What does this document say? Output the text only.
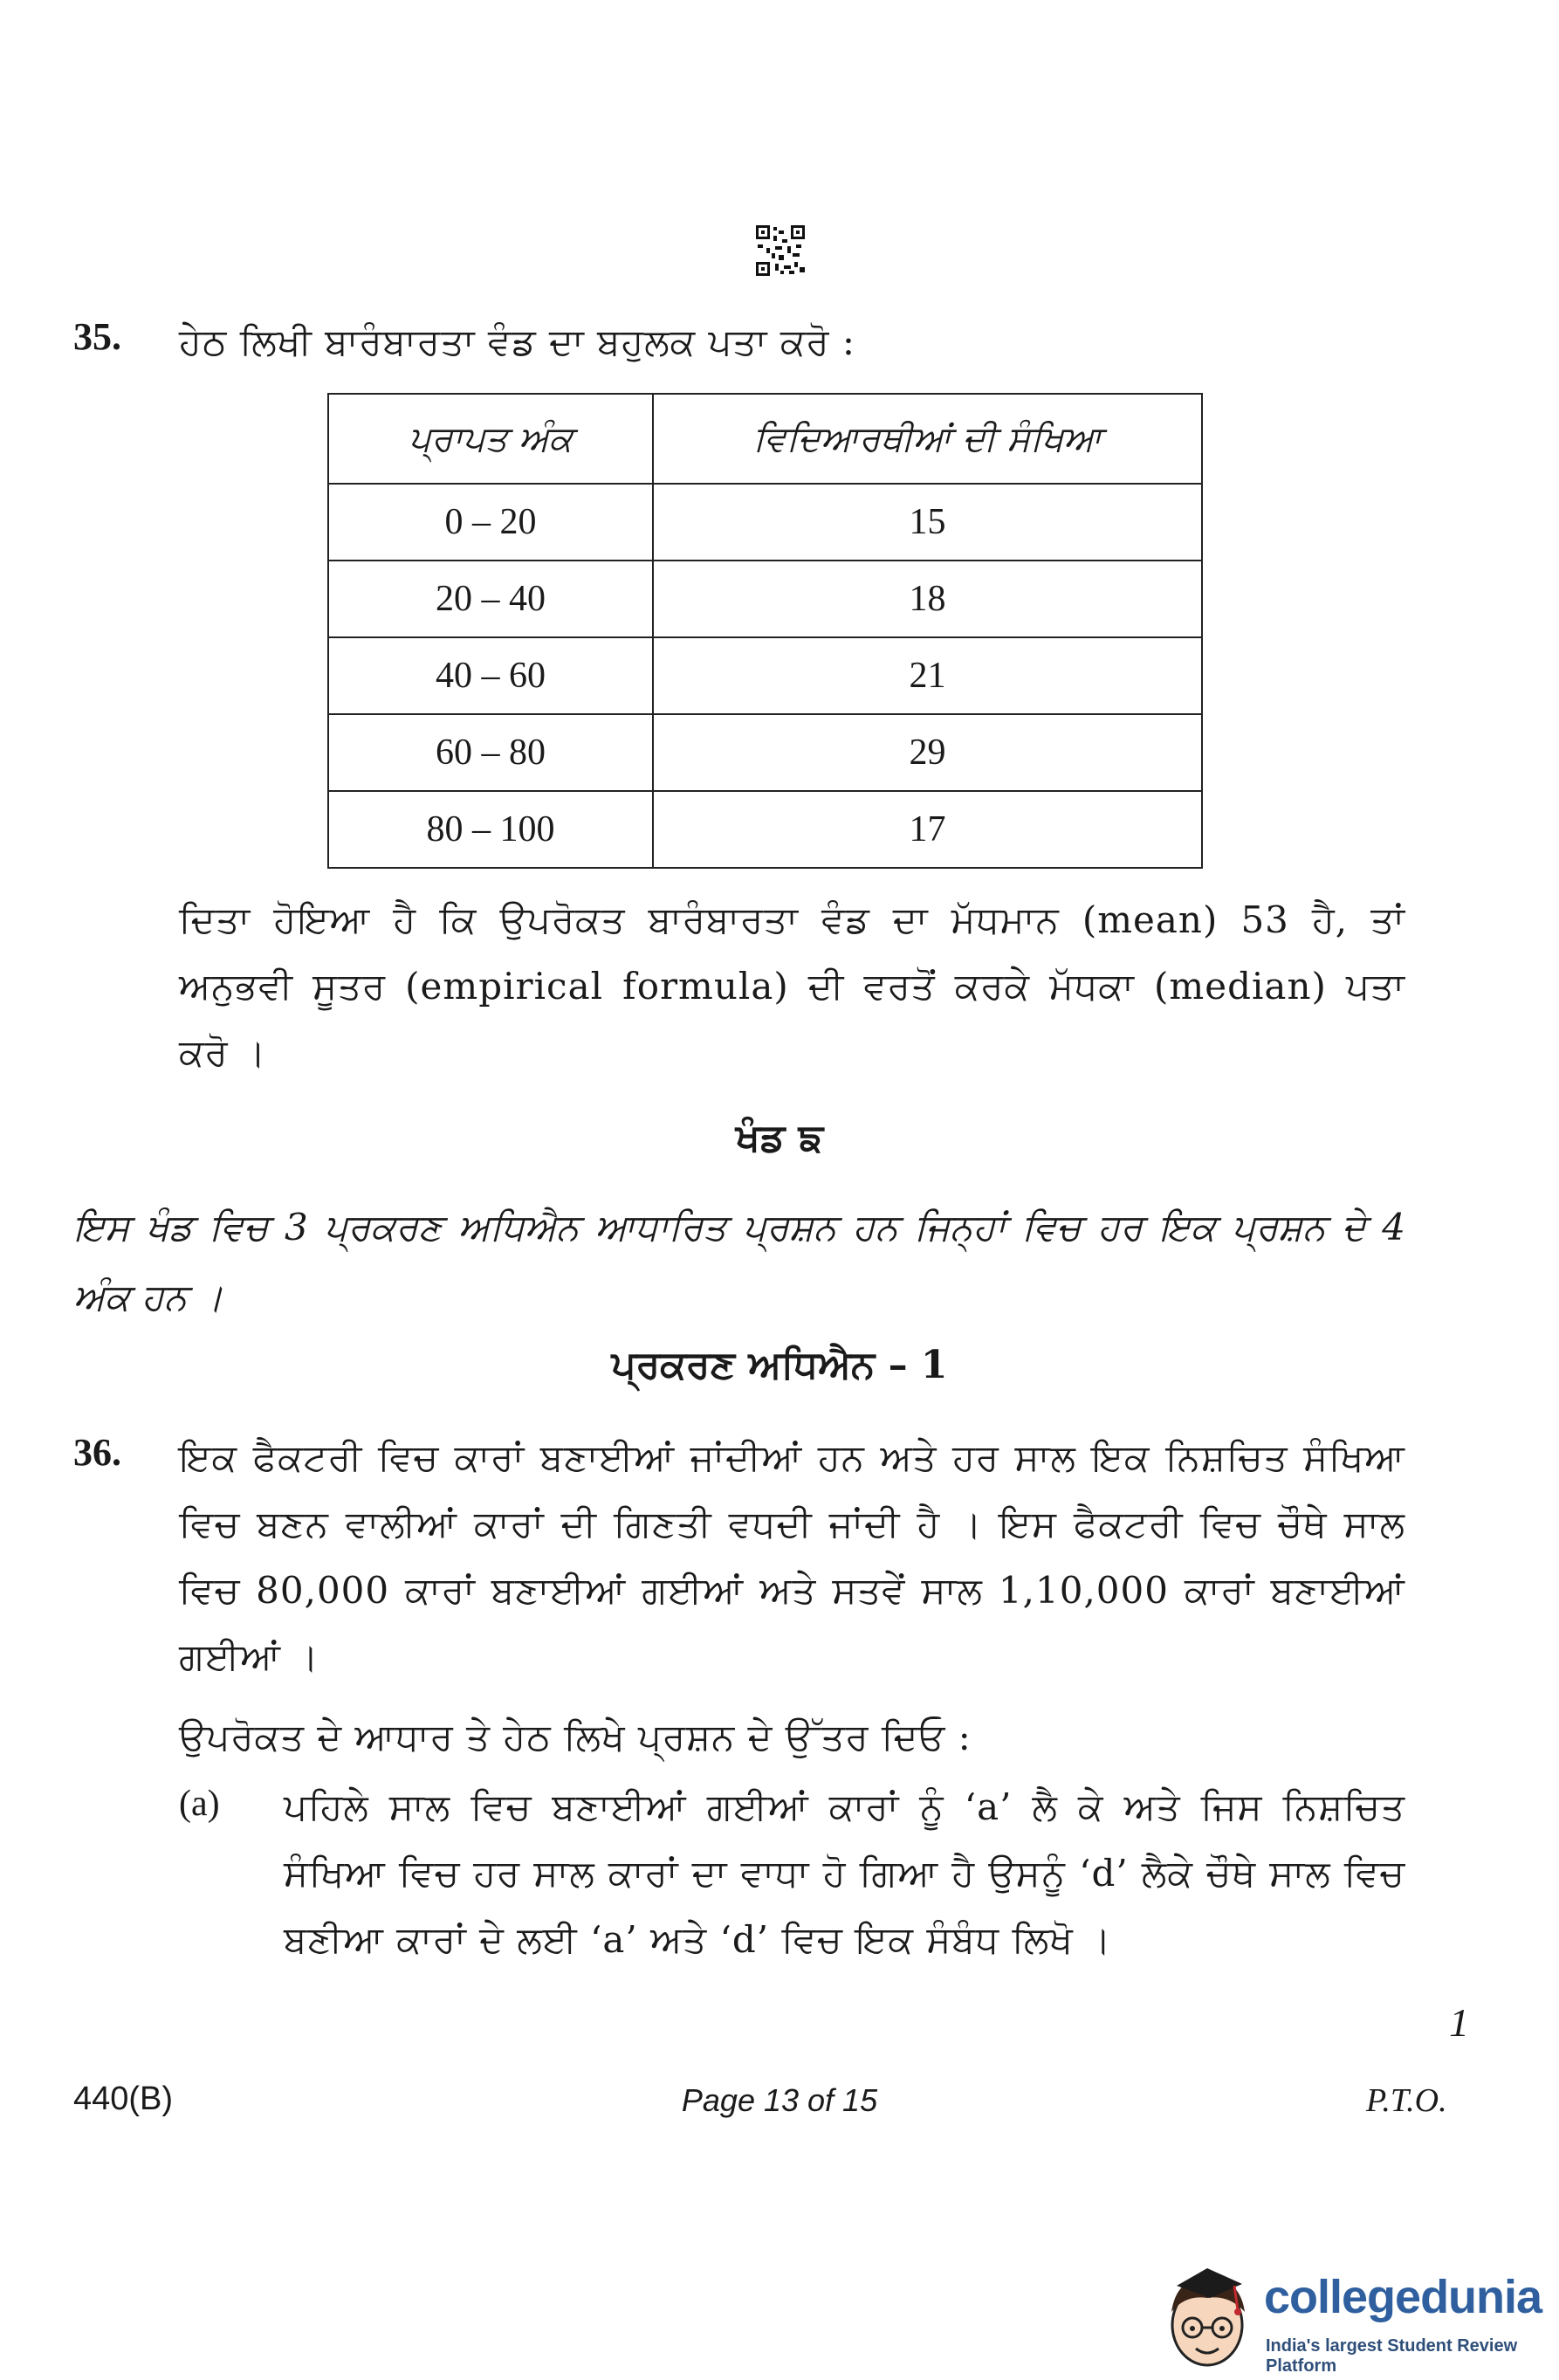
35. ਹੇਠ ਲਿਖੀ ਬਾਰੰਬਾਰਤਾ ਵੰਡ ਦਾ ਬਹੁਲਕ ਪਤਾ ਕਰੋ :
ਪ੍ਰਾਪਤ ਅੰਕ	ਵਿਦਿਆਰਥੀਆਂ ਦੀ ਸੰਖਿਆ
0 – 20	15
20 – 40	18
40 – 60	21
60 – 80	29
80 – 100	17
ਦਿਤਾ ਹੋਇਆ ਹੈ ਕਿ ਉਪਰੋਕਤ ਬਾਰੰਬਾਰਤਾ ਵੰਡ ਦਾ ਮੱਧਮਾਨ (mean) 53 ਹੈ, ਤਾਂ ਅਨੁਭਵੀ ਸੂਤਰ (empirical formula) ਦੀ ਵਰਤੋਂ ਕਰਕੇ ਮੱਧਕਾ (median) ਪਤਾ ਕਰੋ ।
ਖੰਡ ਙ
ਇਸ ਖੰਡ ਵਿਚ 3 ਪ੍ਰਕਰਣ ਅਧਿਐਨ ਆਧਾਰਿਤ ਪ੍ਰਸ਼ਨ ਹਨ ਜਿਨ੍ਹਾਂ ਵਿਚ ਹਰ ਇਕ ਪ੍ਰਸ਼ਨ ਦੇ 4 ਅੰਕ ਹਨ ।
ਪ੍ਰਕਰਣ ਅਧਿਐਨ – 1
36. ਇਕ ਫੈਕਟਰੀ ਵਿਚ ਕਾਰਾਂ ਬਣਾਈਆਂ ਜਾਂਦੀਆਂ ਹਨ ਅਤੇ ਹਰ ਸਾਲ ਇਕ ਨਿਸ਼ਚਿਤ ਸੰਖਿਆ ਵਿਚ ਬਣਨ ਵਾਲੀਆਂ ਕਾਰਾਂ ਦੀ ਗਿਣਤੀ ਵਧਦੀ ਜਾਂਦੀ ਹੈ । ਇਸ ਫੈਕਟਰੀ ਵਿਚ ਚੌਥੇ ਸਾਲ ਵਿਚ 80,000 ਕਾਰਾਂ ਬਣਾਈਆਂ ਗਈਆਂ ਅਤੇ ਸਤਵੇਂ ਸਾਲ 1,10,000 ਕਾਰਾਂ ਬਣਾਈਆਂ ਗਈਆਂ ।
ਉਪਰੋਕਤ ਦੇ ਆਧਾਰ ਤੇ ਹੇਠ ਲਿਖੇ ਪ੍ਰਸ਼ਨ ਦੇ ਉੱਤਰ ਦਿਓ :
(a) ਪਹਿਲੇ ਸਾਲ ਵਿਚ ਬਣਾਈਆਂ ਗਈਆਂ ਕਾਰਾਂ ਨੂੰ ‘a’ ਲੈ ਕੇ ਅਤੇ ਜਿਸ ਨਿਸ਼ਚਿਤ ਸੰਖਿਆ ਵਿਚ ਹਰ ਸਾਲ ਕਾਰਾਂ ਦਾ ਵਾਧਾ ਹੋ ਗਿਆ ਹੈ ਉਸਨੂੰ ‘d’ ਲੈਕੇ ਚੌਥੇ ਸਾਲ ਵਿਚ ਬਣੀਆ ਕਾਰਾਂ ਦੇ ਲਈ ‘a’ ਅਤੇ ‘d’ ਵਿਚ ਇਕ ਸੰਬੰਧ ਲਿਖੋ ।
1
440(B)	Page 13 of 15	P.T.O.
collegedunia
India's largest Student Review Platform
